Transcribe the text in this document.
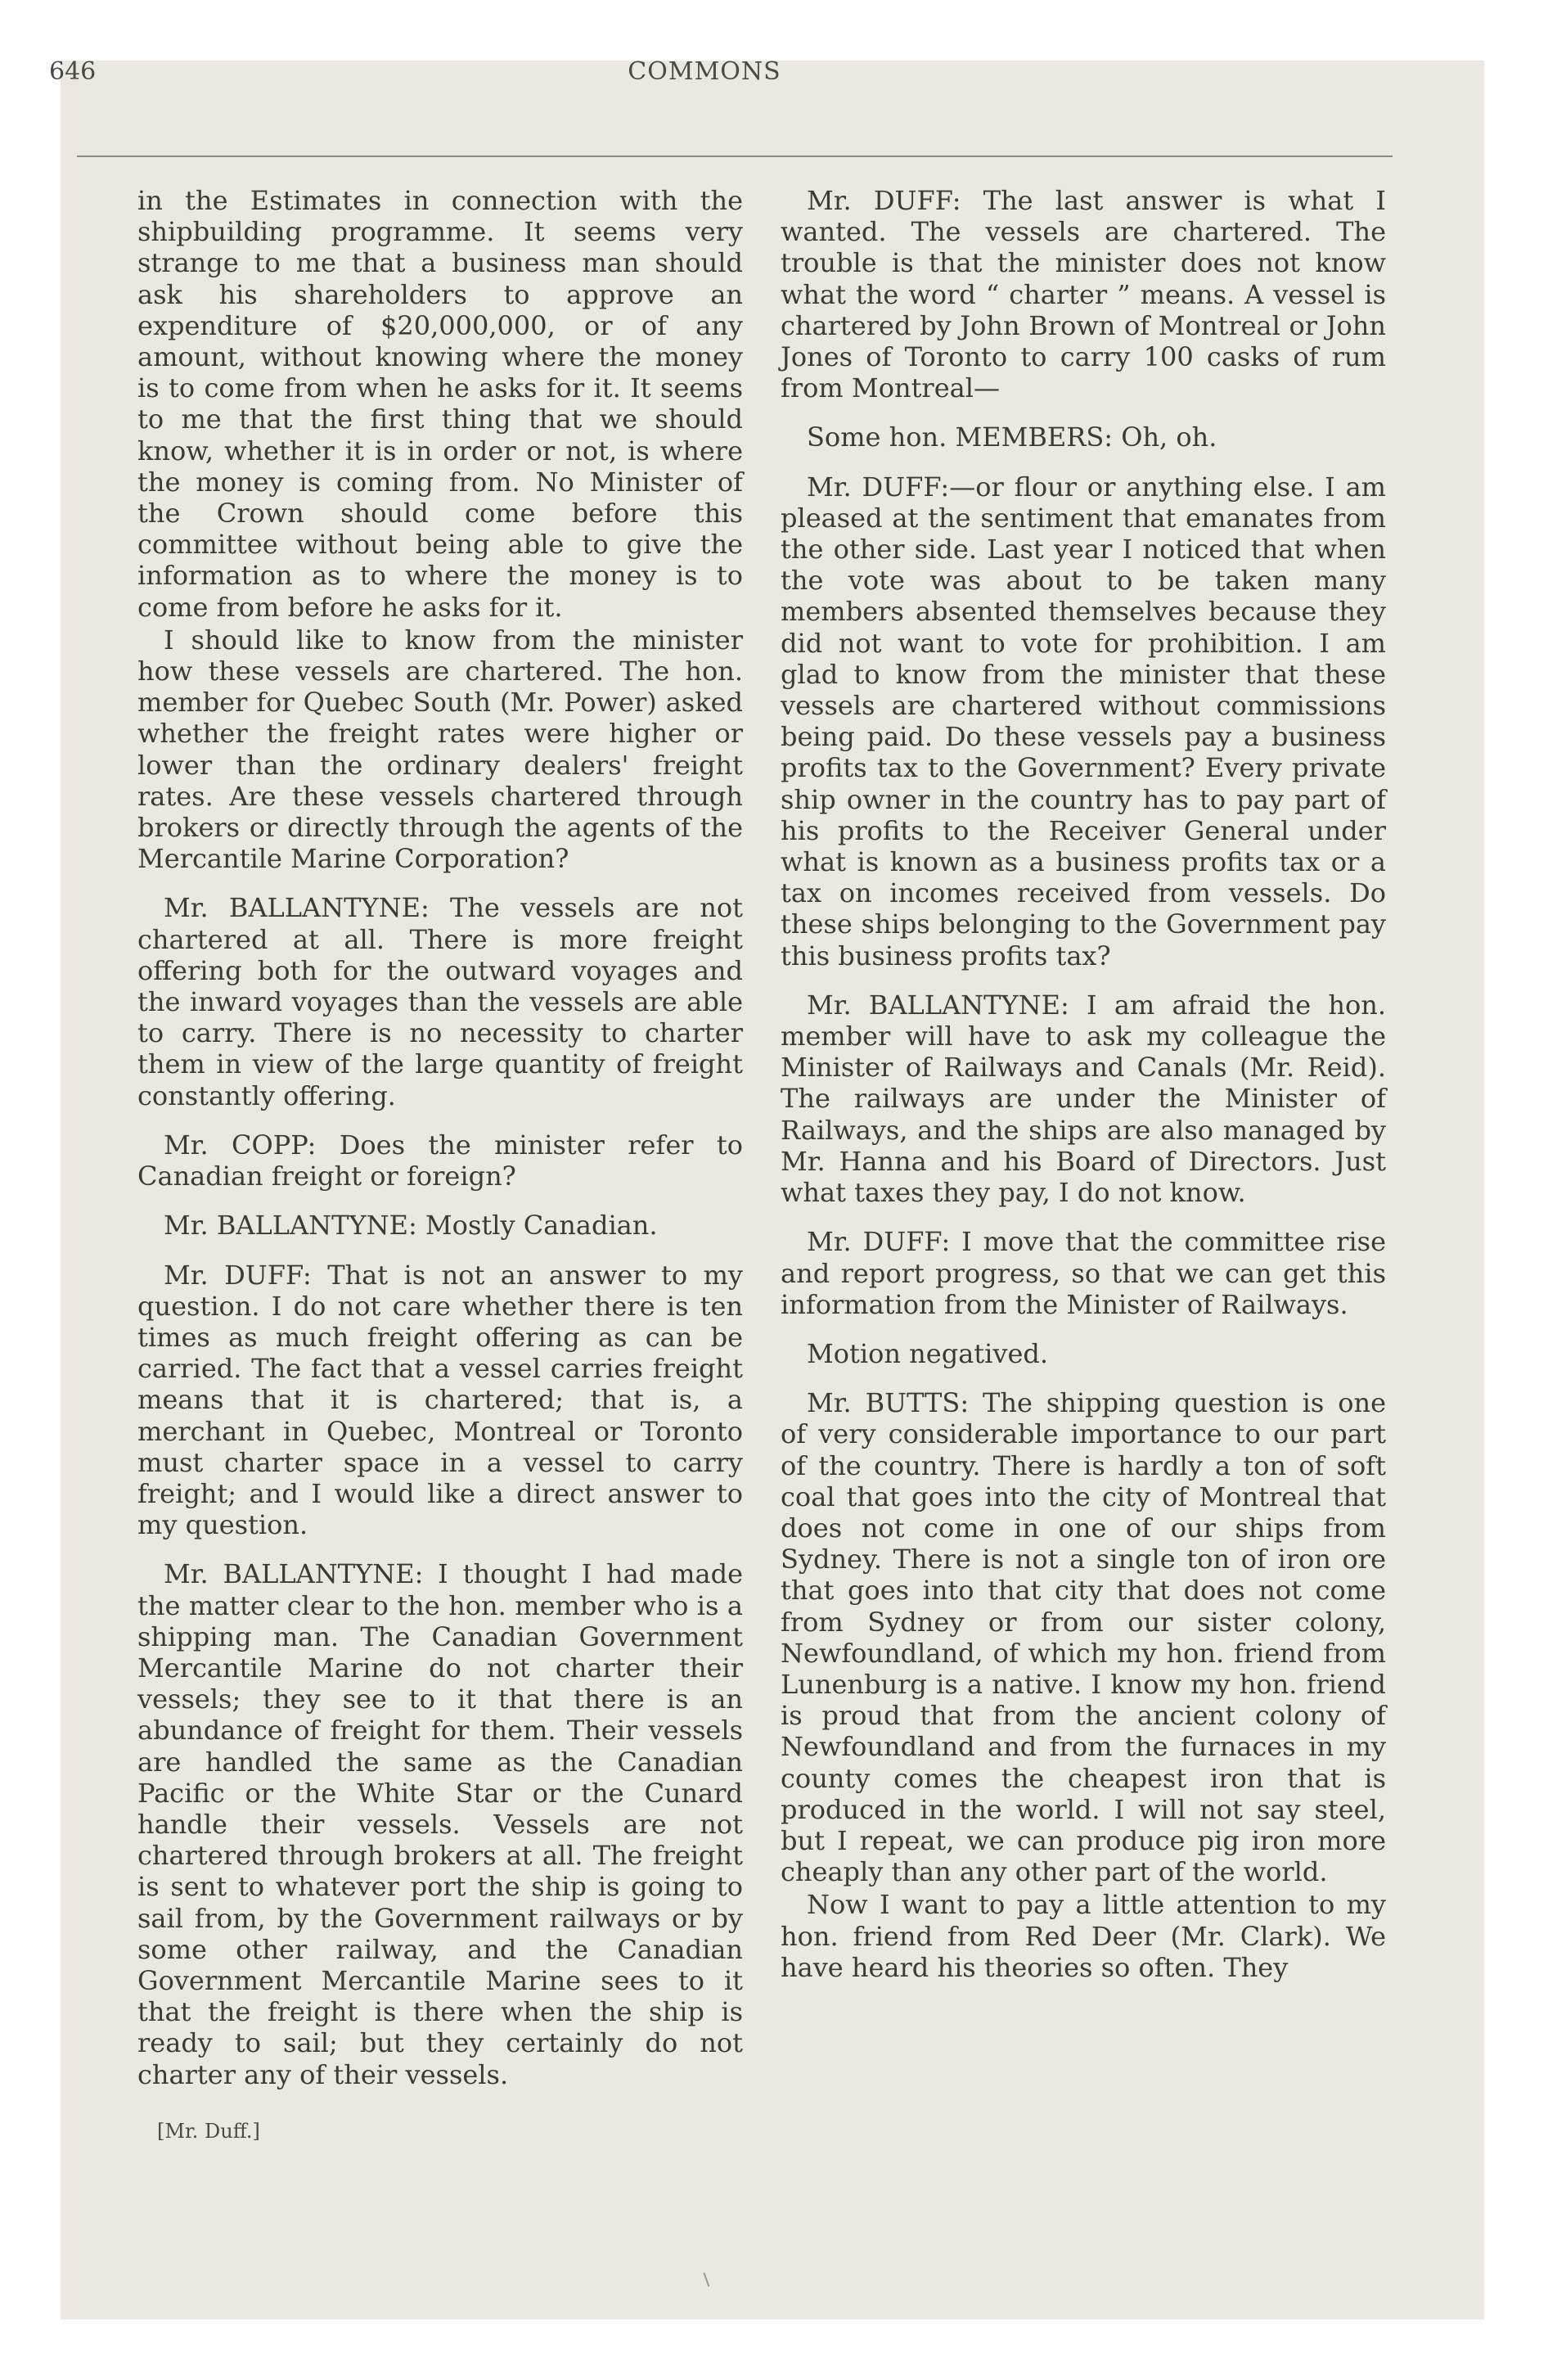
646	COMMONS

in the Estimates in connection with the shipbuilding programme. It seems very strange to me that a business man should ask his shareholders to approve an expenditure of $20,000,000, or of any amount, without knowing where the money is to come from when he asks for it. It seems to me that the first thing that we should know, whether it is in order or not, is where the money is coming from. No Minister of the Crown should come before this committee without being able to give the information as to where the money is to come from before he asks for it.

I should like to know from the minister how these vessels are chartered. The hon. member for Quebec South (Mr. Power) asked whether the freight rates were higher or lower than the ordinary dealers' freight rates. Are these vessels chartered through brokers or directly through the agents of the Mercantile Marine Corporation?

Mr. BALLANTYNE: The vessels are not chartered at all. There is more freight offering both for the outward voyages and the inward voyages than the vessels are able to carry. There is no necessity to charter them in view of the large quantity of freight constantly offering.

Mr. COPP: Does the minister refer to Canadian freight or foreign?

Mr. BALLANTYNE: Mostly Canadian.

Mr. DUFF: That is not an answer to my question. I do not care whether there is ten times as much freight offering as can be carried. The fact that a vessel carries freight means that it is chartered; that is, a merchant in Quebec, Montreal or Toronto must charter space in a vessel to carry freight; and I would like a direct answer to my question.

Mr. BALLANTYNE: I thought I had made the matter clear to the hon. member who is a shipping man. The Canadian Government Mercantile Marine do not charter their vessels; they see to it that there is an abundance of freight for them. Their vessels are handled the same as the Canadian Pacific or the White Star or the Cunard handle their vessels. Vessels are not chartered through brokers at all. The freight is sent to whatever port the ship is going to sail from, by the Government railways or by some other railway, and the Canadian Government Mercantile Marine sees to it that the freight is there when the ship is ready to sail; but they certainly do not charter any of their vessels.

[Mr. Duff.]

Mr. DUFF: The last answer is what I wanted. The vessels are chartered. The trouble is that the minister does not know what the word “ charter ” means. A vessel is chartered by John Brown of Montreal or John Jones of Toronto to carry 100 casks of rum from Montreal—

Some hon. MEMBERS: Oh, oh.

Mr. DUFF:—or flour or anything else. I am pleased at the sentiment that emanates from the other side. Last year I noticed that when the vote was about to be taken many members absented themselves because they did not want to vote for prohibition. I am glad to know from the minister that these vessels are chartered without commissions being paid. Do these vessels pay a business profits tax to the Government? Every private ship owner in the country has to pay part of his profits to the Receiver General under what is known as a business profits tax or a tax on incomes received from vessels. Do these ships belonging to the Government pay this business profits tax?

Mr. BALLANTYNE: I am afraid the hon. member will have to ask my colleague the Minister of Railways and Canals (Mr. Reid). The railways are under the Minister of Railways, and the ships are also managed by Mr. Hanna and his Board of Directors. Just what taxes they pay, I do not know.

Mr. DUFF: I move that the committee rise and report progress, so that we can get this information from the Minister of Railways.

Motion negatived.

Mr. BUTTS: The shipping question is one of very considerable importance to our part of the country. There is hardly a ton of soft coal that goes into the city of Montreal that does not come in one of our ships from Sydney. There is not a single ton of iron ore that goes into that city that does not come from Sydney or from our sister colony, Newfoundland, of which my hon. friend from Lunenburg is a native. I know my hon. friend is proud that from the ancient colony of Newfoundland and from the furnaces in my county comes the cheapest iron that is produced in the world. I will not say steel, but I repeat, we can produce pig iron more cheaply than any other part of the world.

Now I want to pay a little attention to my hon. friend from Red Deer (Mr. Clark). We have heard his theories so often. They
